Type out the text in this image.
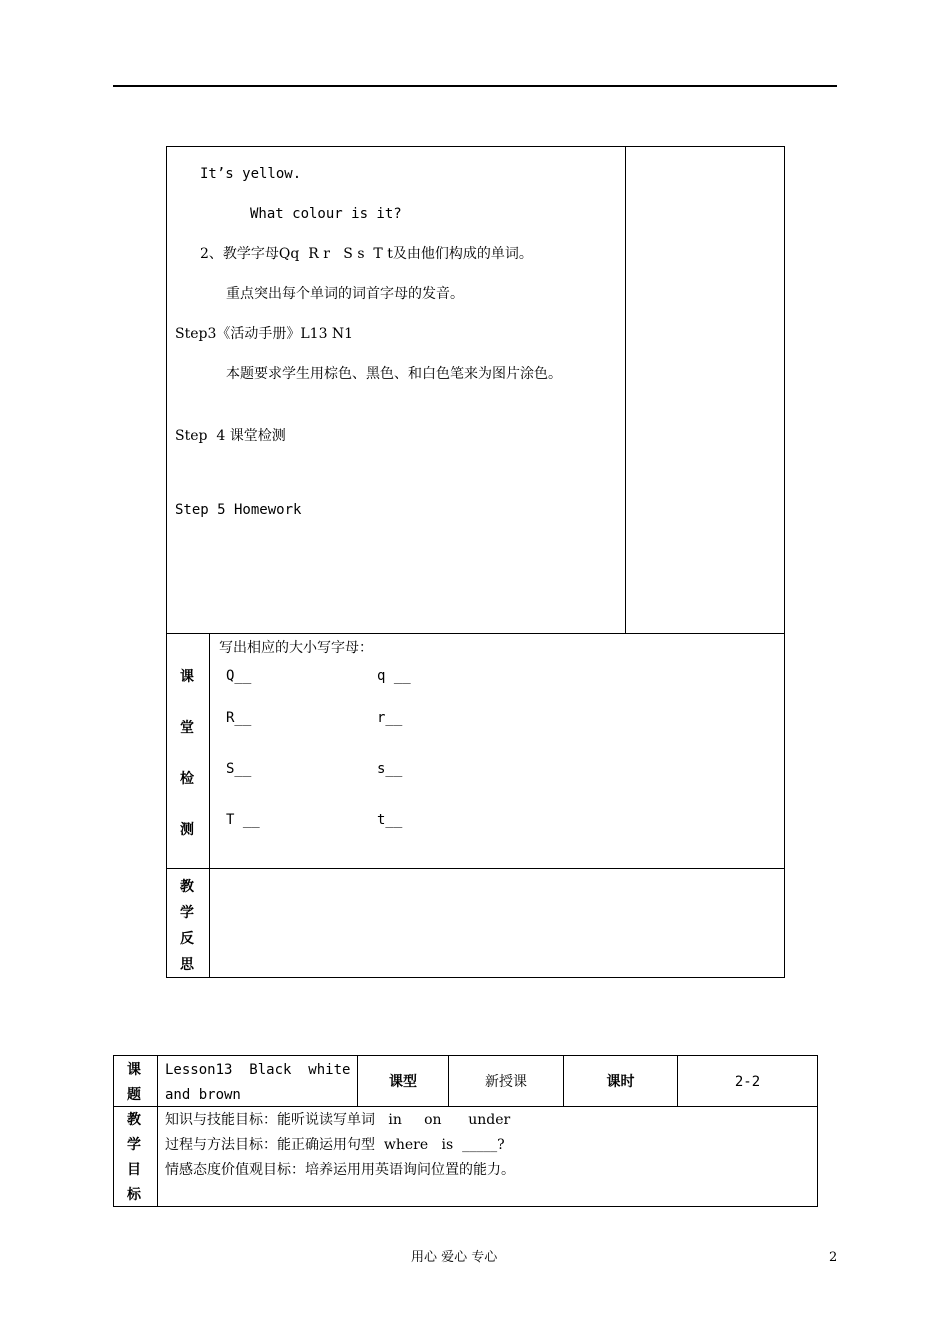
It’s yellow.
What colour is it?
2、教学字母Qq  R r   S s  T t及由他们构成的单词。
重点突出每个单词的词首字母的发音。
Step3《活动手册》L13 N1
本题要求学生用棕色、黑色、和白色笔来为图片涂色。
Step  4 课堂检测
Step 5 Homework
课
堂
检
测
写出相应的大小写字母：
Q__	q __
R__	r__
S__	s__
T __	t__
教
学
反
思
课
题
Lesson13  Black  white
and brown
课型	新授课	课时	2-2
教
学
目
标
知识与技能目标：能听说读写单词   in     on      under
过程与方法目标：能正确运用句型  where   is  _____?
情感态度价值观目标：培养运用用英语询问位置的能力。
用心 爱心 专心	2
